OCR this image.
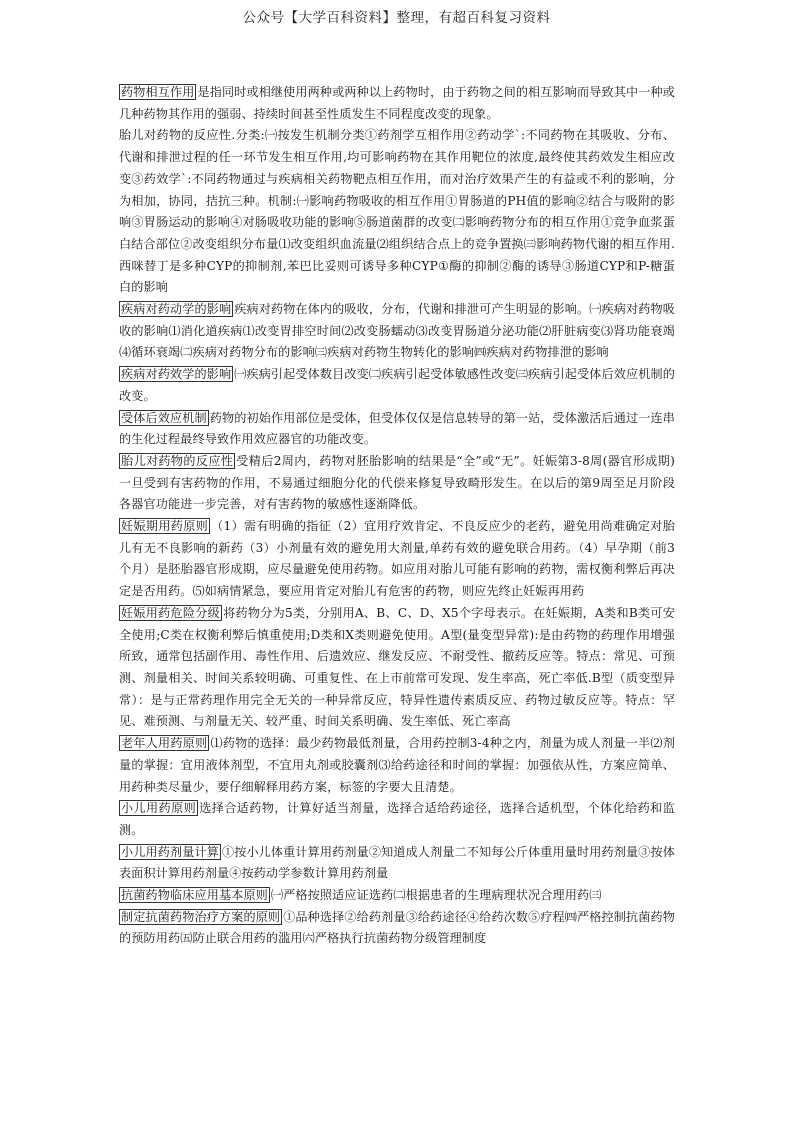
公众号【大学百科资料】整理，有超百科复习资料

药物相互作用 是指同时或相继使用两种或两种以上药物时，由于药物之间的相互影响而导致其中一种或几种药物其作用的强弱、持续时间甚至性质发生不同程度改变的现象。

胎儿对药物的反应性.分类:㈠按发生机制分类①药剂学互相作用②药动学`:不同药物在其吸收、分布、代谢和排泄过程的任一环节发生相互作用,均可影响药物在其作用靶位的浓度,最终使其药效发生相应改变③药效学`:不同药物通过与疾病相关药物靶点相互作用，而对治疗效果产生的有益或不利的影响，分为相加，协同，拮抗三种。机制:㈠影响药物吸收的相互作用①胃肠道的PH值的影响②结合与吸附的影响③胃肠运动的影响④对肠吸收功能的影响⑤肠道菌群的改变㈡影响药物分布的相互作用①竞争血浆蛋白结合部位②改变组织分布量⑴改变组织血流量⑵组织结合点上的竞争置换㈢影响药物代谢的相互作用.西咪替丁是多种CYP的抑制剂,苯巴比妥则可诱导多种CYP①酶的抑制②酶的诱导③肠道CYP和P-糖蛋白的影响

疾病对药动学的影响 疾病对药物在体内的吸收，分布，代谢和排泄可产生明显的影响。㈠疾病对药物吸收的影响⑴消化道疾病⑴改变胃排空时间⑵改变肠蠕动⑶改变胃肠道分泌功能⑵肝脏病变⑶肾功能衰竭⑷循环衰竭㈡疾病对药物分布的影响㈢疾病对药物生物转化的影响㈣疾病对药物排泄的影响

疾病对药效学的影响 ㈠疾病引起受体数目改变㈡疾病引起受体敏感性改变㈢疾病引起受体后效应机制的改变。

受体后效应机制 药物的初始作用部位是受体，但受体仅仅是信息转导的第一站，受体激活后通过一连串的生化过程最终导致作用效应器官的功能改变。

胎儿对药物的反应性 受精后2周内，药物对胚胎影响的结果是“全”或“无”。妊娠第3-8周(器官形成期)一旦受到有害药物的作用，不易通过细胞分化的代偿来修复导致畸形发生。在以后的第9周至足月阶段各器官功能进一步完善，对有害药物的敏感性逐渐降低。

妊娠期用药原则 （1）需有明确的指征（2）宜用疗效肯定、不良反应少的老药，避免用尚难确定对胎儿有无不良影响的新药（3）小剂量有效的避免用大剂量,单药有效的避免联合用药。（4）早孕期（前3个月）是胚胎器官形成期，应尽量避免使用药物。如应用对胎儿可能有影响的药物，需权衡利弊后再决定是否用药。⑸如病情紧急，要应用肯定对胎儿有危害的药物，则应先终止妊娠再用药

妊娠用药危险分级 将药物分为5类，分别用A、B、C、D、X5个字母表示。在妊娠期，A类和B类可安全使用;C类在权衡利弊后慎重使用;D类和X类则避免使用。A型(量变型异常):是由药物的药理作用增强所致，通常包括副作用、毒性作用、后遗效应、继发反应、不耐受性、撤药反应等。特点：常见、可预测、剂量相关、时间关系较明确、可重复性、在上市前常可发现、发生率高，死亡率低.B型（质变型异常）：是与正常药理作用完全无关的一种异常反应，特异性遗传素质反应、药物过敏反应等。特点：罕见、难预测、与剂量无关、较严重、时间关系明确、发生率低、死亡率高

老年人用药原则 ⑴药物的选择：最少药物最低剂量，合用药控制3-4种之内，剂量为成人剂量一半⑵剂量的掌握：宜用液体剂型，不宜用丸剂或胶囊剂⑶给药途径和时间的掌握：加强依从性，方案应简单、用药种类尽量少，要仔细解释用药方案，标签的字要大且清楚。

小儿用药原则 选择合适药物，计算好适当剂量，选择合适给药途径，选择合适机型，个体化给药和监测。

小儿用药剂量计算 ①按小儿体重计算用药剂量②知道成人剂量二不知每公斤体重用量时用药剂量③按体表面积计算用药剂量④按药动学参数计算用药剂量

抗菌药物临床应用基本原则 ㈠严格按照适应证选药㈡根据患者的生理病理状况合理用药㈢

制定抗菌药物治疗方案的原则 ①品种选择②给药剂量③给药途径④给药次数⑤疗程㈣严格控制抗菌药物的预防用药㈤防止联合用药的滥用㈥严格执行抗菌药物分级管理制度
